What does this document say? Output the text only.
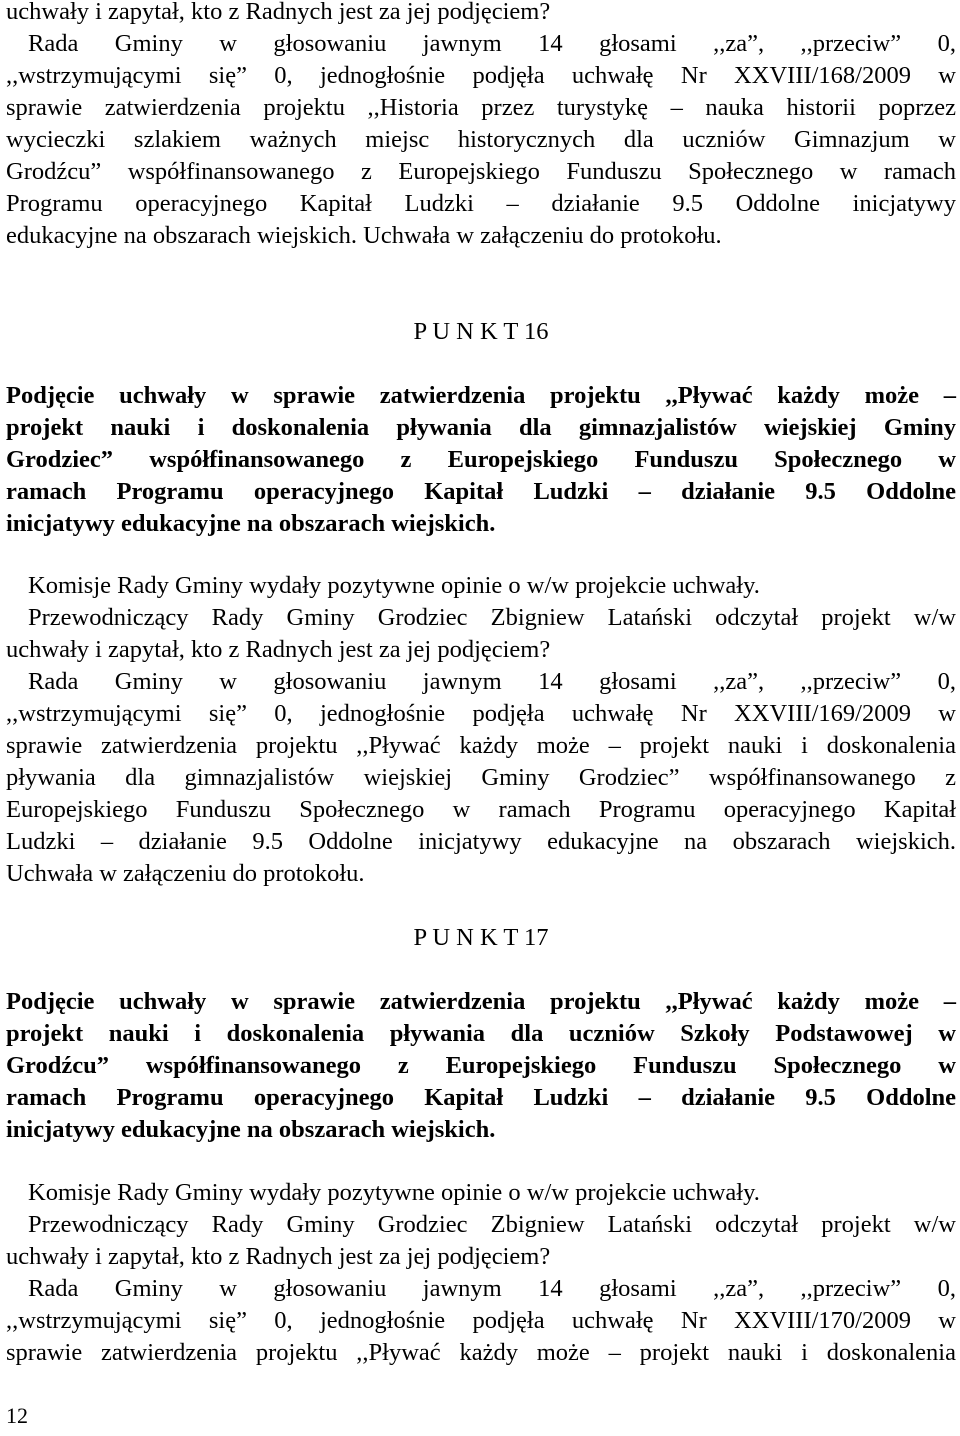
uchwały i zapytał, kto z Radnych jest za jej podjęciem?
Rada Gminy w głosowaniu jawnym 14 głosami ,,za”, ,,przeciw” 0,
,,wstrzymującymi się” 0, jednogłośnie podjęła uchwałę Nr XXVIII/168/2009 w
sprawie zatwierdzenia projektu ,,Historia przez turystykę – nauka historii poprzez
wycieczki szlakiem ważnych miejsc historycznych dla uczniów Gimnazjum w
Grodźcu” współfinansowanego z Europejskiego Funduszu Społecznego w ramach
Programu operacyjnego Kapitał Ludzki – działanie 9.5 Oddolne inicjatywy
edukacyjne na obszarach wiejskich. Uchwała w załączeniu do protokołu.
P U N K T 16
Podjęcie uchwały w sprawie zatwierdzenia projektu ,,Pływać każdy może –
projekt nauki i doskonalenia pływania dla gimnazjalistów wiejskiej Gminy
Grodziec” współfinansowanego z Europejskiego Funduszu Społecznego w
ramach Programu operacyjnego Kapitał Ludzki – działanie 9.5 Oddolne
inicjatywy edukacyjne na obszarach wiejskich.
Komisje Rady Gminy wydały pozytywne opinie o w/w projekcie uchwały.
Przewodniczący Rady Gminy Grodziec Zbigniew Latański odczytał projekt w/w
uchwały i zapytał, kto z Radnych jest za jej podjęciem?
Rada Gminy w głosowaniu jawnym 14 głosami ,,za”, ,,przeciw” 0,
,,wstrzymującymi się” 0, jednogłośnie podjęła uchwałę Nr XXVIII/169/2009 w
sprawie zatwierdzenia projektu ,,Pływać każdy może – projekt nauki i doskonalenia
pływania dla gimnazjalistów wiejskiej Gminy Grodziec” współfinansowanego z
Europejskiego Funduszu Społecznego w ramach Programu operacyjnego Kapitał
Ludzki – działanie 9.5 Oddolne inicjatywy edukacyjne na obszarach wiejskich.
Uchwała w załączeniu do protokołu.
P U N K T 17
Podjęcie uchwały w sprawie zatwierdzenia projektu ,,Pływać każdy może –
projekt nauki i doskonalenia pływania dla uczniów Szkoły Podstawowej w
Grodźcu” współfinansowanego z Europejskiego Funduszu Społecznego w
ramach Programu operacyjnego Kapitał Ludzki – działanie 9.5 Oddolne
inicjatywy edukacyjne na obszarach wiejskich.
Komisje Rady Gminy wydały pozytywne opinie o w/w projekcie uchwały.
Przewodniczący Rady Gminy Grodziec Zbigniew Latański odczytał projekt w/w
uchwały i zapytał, kto z Radnych jest za jej podjęciem?
Rada Gminy w głosowaniu jawnym 14 głosami ,,za”, ,,przeciw” 0,
,,wstrzymującymi się” 0, jednogłośnie podjęła uchwałę Nr XXVIII/170/2009 w
sprawie zatwierdzenia projektu ,,Pływać każdy może – projekt nauki i doskonalenia
12
